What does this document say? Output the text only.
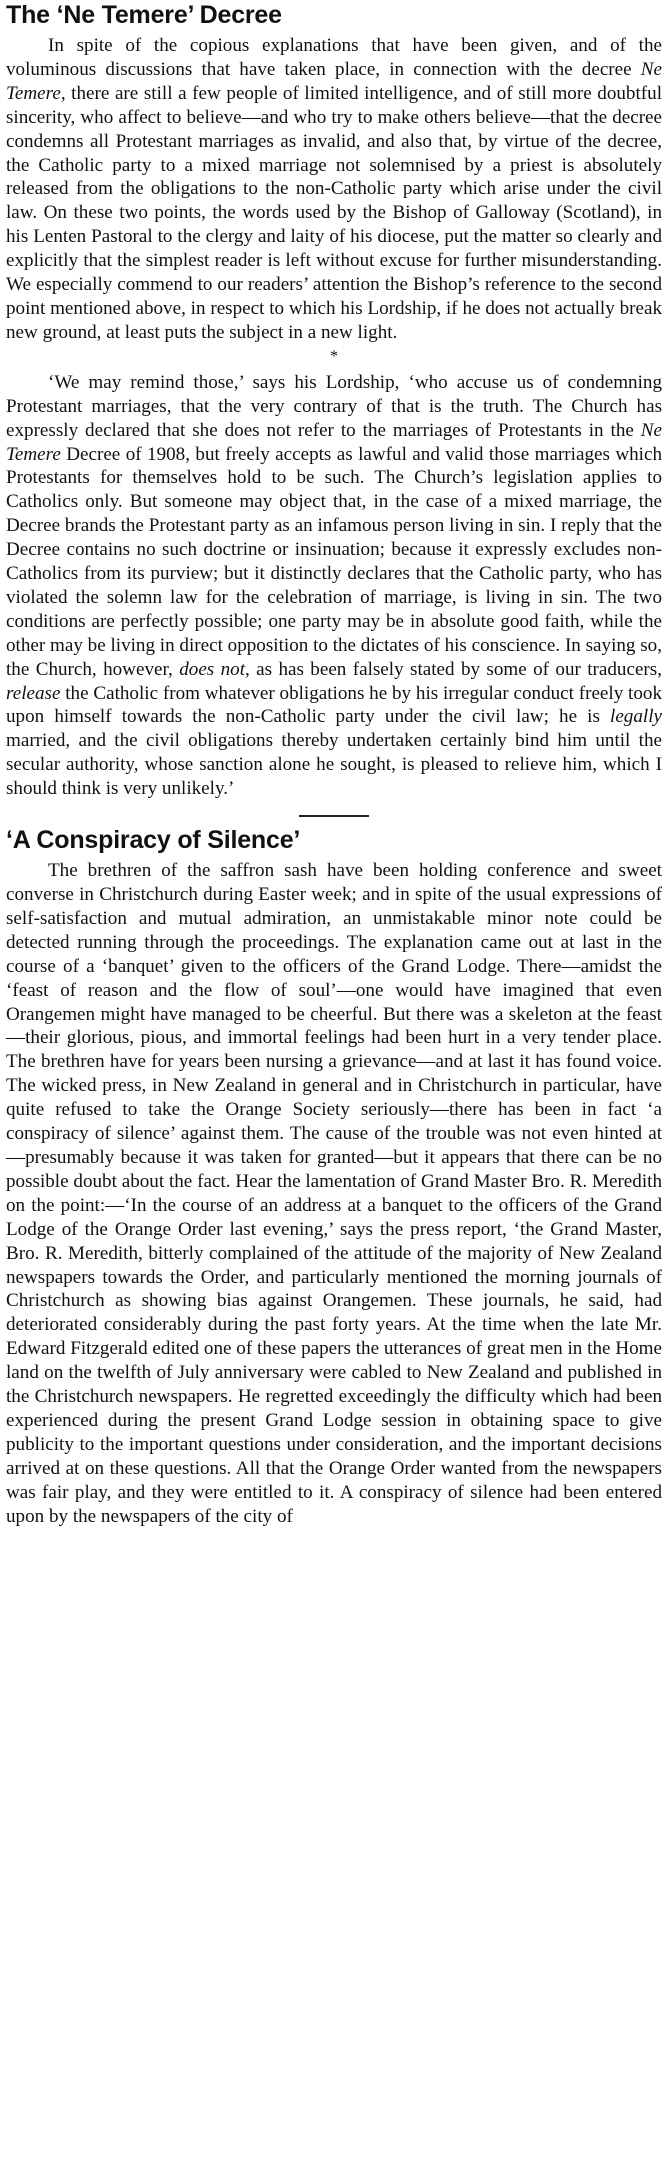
The ‘Ne Temere’ Decree

In spite of the copious explanations that have been given, and of the voluminous discussions that have taken place, in connection with the decree Ne Temere, there are still a few people of limited intelligence, and of still more doubtful sincerity, who affect to believe—and who try to make others believe—that the decree condemns all Protestant marriages as invalid, and also that, by virtue of the decree, the Catholic party to a mixed marriage not solemnised by a priest is absolutely released from the obligations to the non-Catholic party which arise under the civil law. On these two points, the words used by the Bishop of Galloway (Scotland), in his Lenten Pastoral to the clergy and laity of his diocese, put the matter so clearly and explicitly that the simplest reader is left without excuse for further misunderstanding. We especially commend to our readers’ attention the Bishop’s reference to the second point mentioned above, in respect to which his Lordship, if he does not actually break new ground, at least puts the subject in a new light.

*

‘We may remind those,’ says his Lordship, ‘who accuse us of condemning Protestant marriages, that the very contrary of that is the truth. The Church has expressly declared that she does not refer to the marriages of Protestants in the Ne Temere Decree of 1908, but freely accepts as lawful and valid those marriages which Protestants for themselves hold to be such. The Church’s legislation applies to Catholics only. But someone may object that, in the case of a mixed marriage, the Decree brands the Protestant party as an infamous person living in sin. I reply that the Decree contains no such doctrine or insinuation; because it expressly excludes non-Catholics from its purview; but it distinctly declares that the Catholic party, who has violated the solemn law for the celebration of marriage, is living in sin. The two conditions are perfectly possible; one party may be in absolute good faith, while the other may be living in direct opposition to the dictates of his conscience. In saying so, the Church, however, does not, as has been falsely stated by some of our traducers, release the Catholic from whatever obligations he by his irregular conduct freely took upon himself towards the non-Catholic party under the civil law; he is legally married, and the civil obligations thereby undertaken certainly bind him until the secular authority, whose sanction alone he sought, is pleased to relieve him, which I should think is very unlikely.’

‘A Conspiracy of Silence’

The brethren of the saffron sash have been holding conference and sweet converse in Christchurch during Easter week; and in spite of the usual expressions of self-satisfaction and mutual admiration, an unmistakable minor note could be detected running through the proceedings. The explanation came out at last in the course of a ‘banquet’ given to the officers of the Grand Lodge. There—amidst the ‘feast of reason and the flow of soul’—one would have imagined that even Orangemen might have managed to be cheerful. But there was a skeleton at the feast—their glorious, pious, and immortal feelings had been hurt in a very tender place. The brethren have for years been nursing a grievance—and at last it has found voice. The wicked press, in New Zealand in general and in Christchurch in particular, have quite refused to take the Orange Society seriously—there has been in fact ‘a conspiracy of silence’ against them. The cause of the trouble was not even hinted at—presumably because it was taken for granted—but it appears that there can be no possible doubt about the fact. Hear the lamentation of Grand Master Bro. R. Meredith on the point:—‘In the course of an address at a banquet to the officers of the Grand Lodge of the Orange Order last evening,’ says the press report, ‘the Grand Master, Bro. R. Meredith, bitterly complained of the attitude of the majority of New Zealand newspapers towards the Order, and particularly mentioned the morning journals of Christchurch as showing bias against Orangemen. These journals, he said, had deteriorated considerably during the past forty years. At the time when the late Mr. Edward Fitzgerald edited one of these papers the utterances of great men in the Home land on the twelfth of July anniversary were cabled to New Zealand and published in the Christchurch newspapers. He regretted exceedingly the difficulty which had been experienced during the present Grand Lodge session in obtaining space to give publicity to the important questions under consideration, and the important decisions arrived at on these questions. All that the Orange Order wanted from the newspapers was fair play, and they were entitled to it. A conspiracy of silence had been entered upon by the newspapers of the city of
